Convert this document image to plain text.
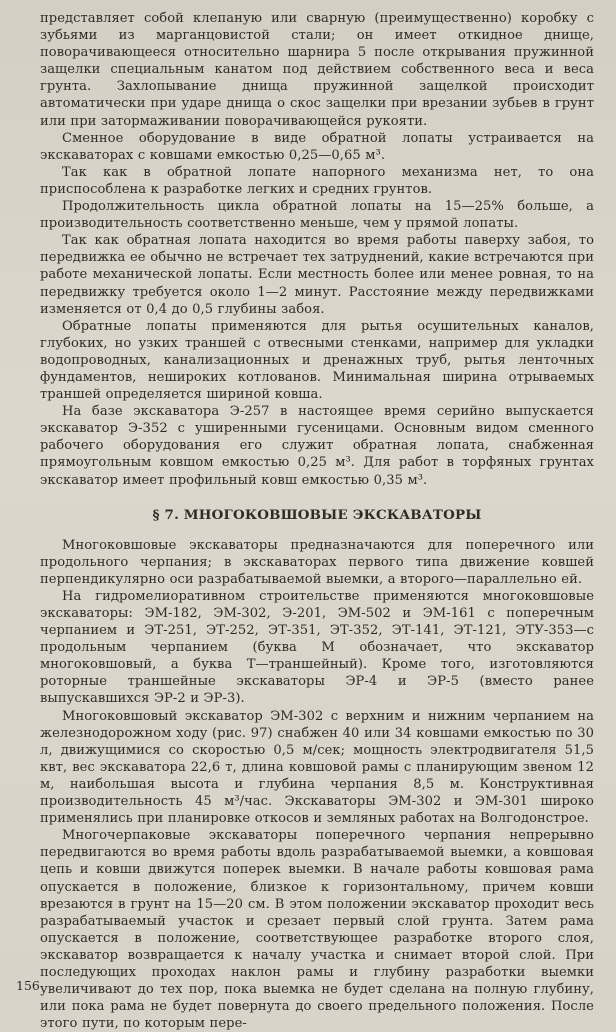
представляет собой клепаную или сварную (преимущественно) коробку с зубьями из марганцовистой стали; он имеет откидное днище, поворачивающееся относительно шарнира 5 после открывания пружинной защелки специальным канатом под действием собственного веса и веса грунта. Захлопывание днища пружинной защелкой происходит автоматически при ударе днища о скос защелки при врезании зубьев в грунт или при затормаживании поворачивающейся рукояти.

Сменное оборудование в виде обратной лопаты устраивается на экскаваторах с ковшами емкостью 0,25—0,65 м³.

Так как в обратной лопате напорного механизма нет, то она приспособлена к разработке легких и средних грунтов.

Продолжительность цикла обратной лопаты на 15—25% больше, а производительность соответственно меньше, чем у прямой лопаты.

Так как обратная лопата находится во время работы паверху забоя, то передвижка ее обычно не встречает тех затруднений, какие встречаются при работе механической лопаты. Если местность более или менее ровная, то на передвижку требуется около 1—2 минут. Расстояние между передвижками изменяется от 0,4 до 0,5 глубины забоя.

Обратные лопаты применяются для рытья осушительных каналов, глубоких, но узких траншей с отвесными стенками, например для укладки водопроводных, канализационных и дренажных труб, рытья ленточных фундаментов, неширокиx котлованов. Минимальная ширина отрываемых траншей определяется шириной ковша.

На базе экскаватора Э-257 в настоящее время серийно выпускается экскаватор Э-352 с уширенными гусеницами. Основным видом сменного рабочего оборудования его служит обратная лопата, снабженная прямоугольным ковшом емкостью 0,25 м³. Для работ в торфяных грунтах экскаватор имеет профильный ковш емкостью 0,35 м³.

§ 7. МНОГОКОВШОВЫЕ ЭКСКАВАТОРЫ

Многоковшовые экскаваторы предназначаются для поперечного или продольного черпания; в экскаваторах первого типа движение ковшей перпендикулярно оси разрабатываемой выемки, а второго—параллельно ей.

На гидромелиоративном строительстве применяются многоковшовые экскаваторы: ЭМ-182, ЭМ-302, Э-201, ЭМ-502 и ЭМ-161 с поперечным черпанием и ЭТ-251, ЭТ-252, ЭТ-351, ЭТ-352, ЭТ-141, ЭТ-121, ЭТУ-353—с продольным черпанием (буква М обозначает, что экскаватор многоковшовый, а буква Т—траншейный). Кроме того, изготовляются роторные траншейные экскаваторы ЭР-4 и ЭР-5 (вместо ранее выпускавшихся ЭР-2 и ЭР-3).

Многоковшовый экскаватор ЭМ-302 с верхним и нижним черпанием на железнодорожном ходу (рис. 97) снабжен 40 или 34 ковшами емкостью по 30 л, движущимися со скоростью 0,5 м/сек; мощность электродвигателя 51,5 квт, вес экскаватора 22,6 т, длина ковшовой рамы с планирующим звеном 12 м, наибольшая высота и глубина черпания 8,5 м. Конструктивная производительность 45 м³/час. Экскаваторы ЭМ-302 и ЭМ-301 широко применялись при планировке откосов и земляных работах на Волгодонстрое.

Многочерпаковые экскаваторы поперечного черпания непрерывно передвигаются во время работы вдоль разрабатываемой выемки, а ковшовая цепь и ковши движутся поперек выемки. В начале работы ковшовая рама опускается в положение, близкое к горизонтальному, причем ковши врезаются в грунт на 15—20 см. В этом положении экскаватор проходит весь разрабатываемый участок и срезает первый слой грунта. Затем рама опускается в положение, соответствующее разработке второго слоя, экскаватор возвращается к началу участка и снимает второй слой. При последующих проходах наклон рамы и глубину разработки выемки увеличивают до тех пор, пока выемка не будет сделана на полную глубину, или пока рама не будет повернута до своего предельного положения. После этого пути, по которым пере-

156
